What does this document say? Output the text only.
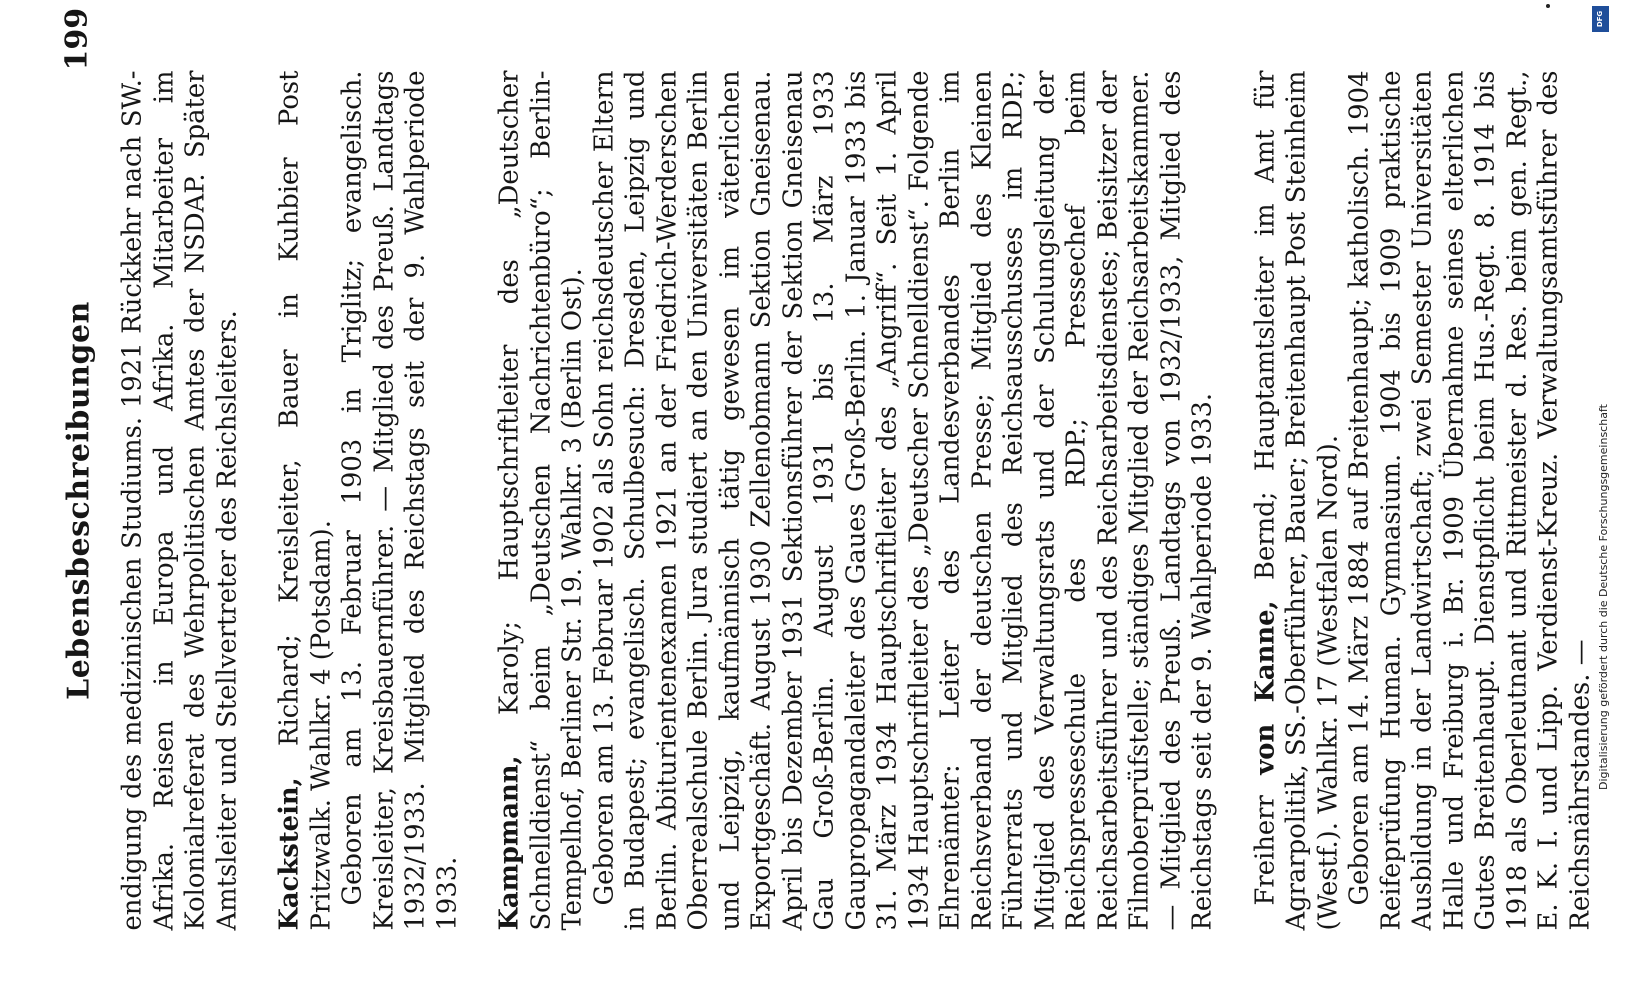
Lebensbeschreibungen
199

endigung des medizinischen Studiums. 1921 Rückkehr nach SW.-Afrika. Reisen in Europa und Afrika. Mitarbeiter im Kolonialreferat des Wehrpolitischen Amtes der NSDAP. Später Amtsleiter und Stellvertreter des Reichsleiters. Kackstein, Richard; Kreisleiter, Bauer in Kuhbier Post Pritzwalk. Wahlkr. 4 (Potsdam). Geboren am 13. Februar 1903 in Triglitz; evangelisch. Kreisleiter, Kreisbauernführer. — Mitglied des Preuß. Landtags 1932/1933. Mitglied des Reichstags seit der 9. Wahlperiode 1933. Kampmann, Karoly; Hauptschriftleiter des „Deutscher Schnelldienst“ beim „Deutschen Nachrichtenbüro“; Berlin-Tempelhof, Berliner Str. 19. Wahlkr. 3 (Berlin Ost). Geboren am 13. Februar 1902 als Sohn reichsdeutscher Eltern in Budapest; evangelisch. Schulbesuch: Dresden, Leipzig und Berlin. Abiturientenexamen 1921 an der Friedrich-Werderschen Oberrealschule Berlin. Jura studiert an den Universitäten Berlin und Leipzig, kaufmännisch tätig gewesen im väterlichen Exportgeschäft. August 1930 Zellenobmann Sektion Gneisenau. April bis Dezember 1931 Sektionsführer der Sektion Gneisenau Gau Groß-Berlin. August 1931 bis 13. März 1933 Gaupropagandaleiter des Gaues Groß-Berlin. 1. Januar 1933 bis 31. März 1934 Hauptschriftleiter des „Angriff“. Seit 1. April 1934 Hauptschriftleiter des „Deutscher Schnelldienst“. Folgende Ehrenämter: Leiter des Landesverbandes Berlin im Reichsverband der deutschen Presse; Mitglied des Kleinen Führerrats und Mitglied des Reichsausschusses im RDP.; Mitglied des Verwaltungsrats und der Schulungsleitung der Reichspresseschule des RDP.; Pressechef beim Reichsarbeitsführer und des Reichsarbeitsdienstes; Beisitzer der Filmoberprüfstelle; ständiges Mitglied der Reichsarbeitskammer. — Mitglied des Preuß. Landtags von 1932/1933, Mitglied des Reichstags seit der 9. Wahlperiode 1933. Freiherr von Kanne, Bernd; Hauptamtsleiter im Amt für Agrarpolitik, SS.-Oberführer, Bauer; Breitenhaupt Post Steinheim (Westf.). Wahlkr. 17 (Westfalen Nord). Geboren am 14. März 1884 auf Breitenhaupt; katholisch. 1904 Reifeprüfung Human. Gymnasium. 1904 bis 1909 praktische Ausbildung in der Landwirtschaft; zwei Semester Universitäten Halle und Freiburg i. Br. 1909 Übernahme seines elterlichen Gutes Breitenhaupt. Dienstpflicht beim Hus.-Regt. 8. 1914 bis 1918 als Oberleutnant und Rittmeister d. Res. beim gen. Regt., E. K. I. und Lipp. Verdienst-Kreuz. Verwaltungsamtsführer des Reichsnährstandes. — Digitalisierung gefördert durch die Deutsche Forschungsgemeinschaft
DFG
